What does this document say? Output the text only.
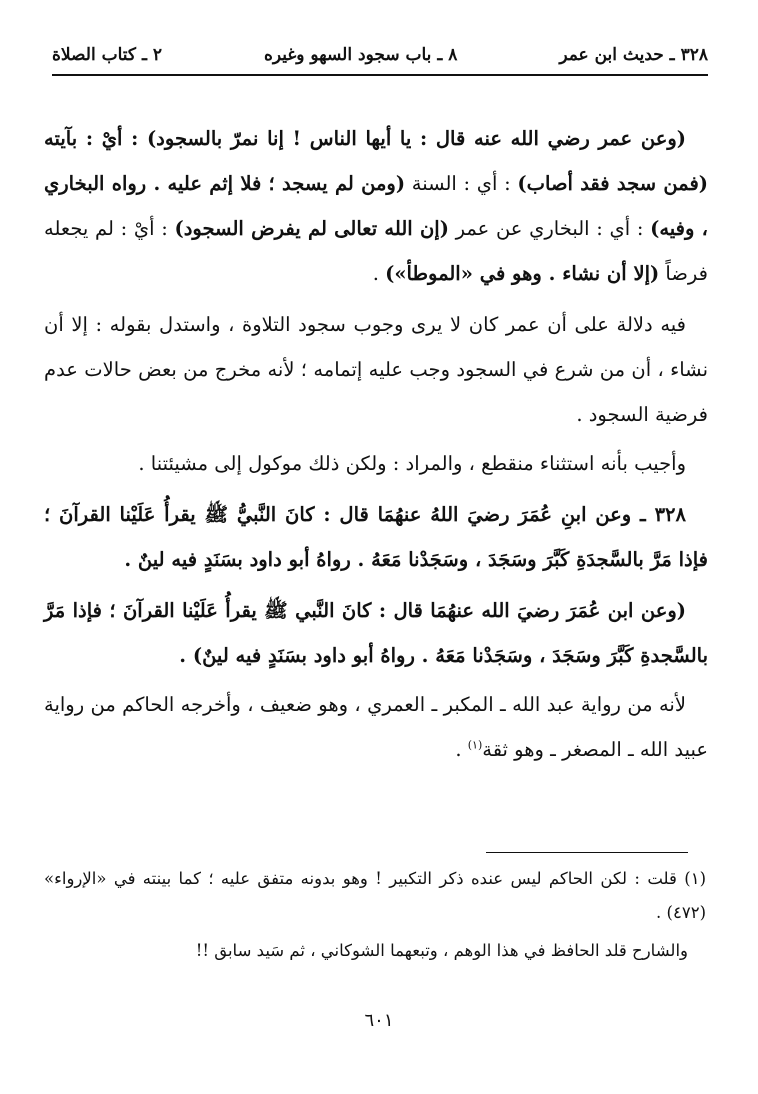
٢ ـ كتاب الصلاة	٨ ـ باب سجود السهو وغيره	٣٢٨ ـ حديث ابن عمر

(وعن عمر رضي الله عنه قال : يا أيها الناس ! إنا نمرّ بالسجود) : أيْ : بآيته (فمن سجد فقد أصاب) : أي : السنة (ومن لم يسجد ؛ فلا إثم عليه . رواه البخاري ، وفيه) : أي : البخاري عن عمر (إن الله تعالى لم يفرض السجود) : أيْ : لم يجعله فرضاً (إلا أن نشاء . وهو في «الموطأ») .

فيه دلالة على أن عمر كان لا يرى وجوب سجود التلاوة ، واستدل بقوله : إلا أن نشاء ، أن من شرع في السجود وجب عليه إتمامه ؛ لأنه مخرج من بعض حالات عدم فرضية السجود .

وأجيب بأنه استثناء منقطع ، والمراد : ولكن ذلك موكول إلى مشيئتنا .

٣٢٨ ـ وعن ابنِ عُمَرَ رضيَ اللهُ عنهُمَا قال : كانَ النَّبيُّ ﷺ يقرأُ عَلَيْنا القرآنَ ؛ فإذا مَرَّ بالسَّجدَةِ كَبَّرَ وسَجَدَ ، وسَجَدْنا مَعَهُ . رواهُ أبو داود بسَنَدٍ فيه لينٌ .

(وعن ابن عُمَرَ رضيَ الله عنهُمَا قال : كانَ النَّبي ﷺ يقرأُ عَلَيْنا القرآنَ ؛ فإذا مَرَّ بالسَّجدةِ كَبَّرَ وسَجَدَ ، وسَجَدْنا مَعَهُ . رواهُ أبو داود بسَنَدٍ فيه لينٌ) .

لأنه من رواية عبد الله ـ المكبر ـ العمري ، وهو ضعيف ، وأخرجه الحاكم من رواية عبيد الله ـ المصغر ـ وهو ثقة$^{(١)}$ .

(١) قلت : لكن الحاكم ليس عنده ذكر التكبير ! وهو بدونه متفق عليه ؛ كما بينته في «الإرواء» (٤٧٢) .

والشارح قلد الحافظ في هذا الوهم ، وتبعهما الشوكاني ، ثم سَيد سابق !!

٦٠١
